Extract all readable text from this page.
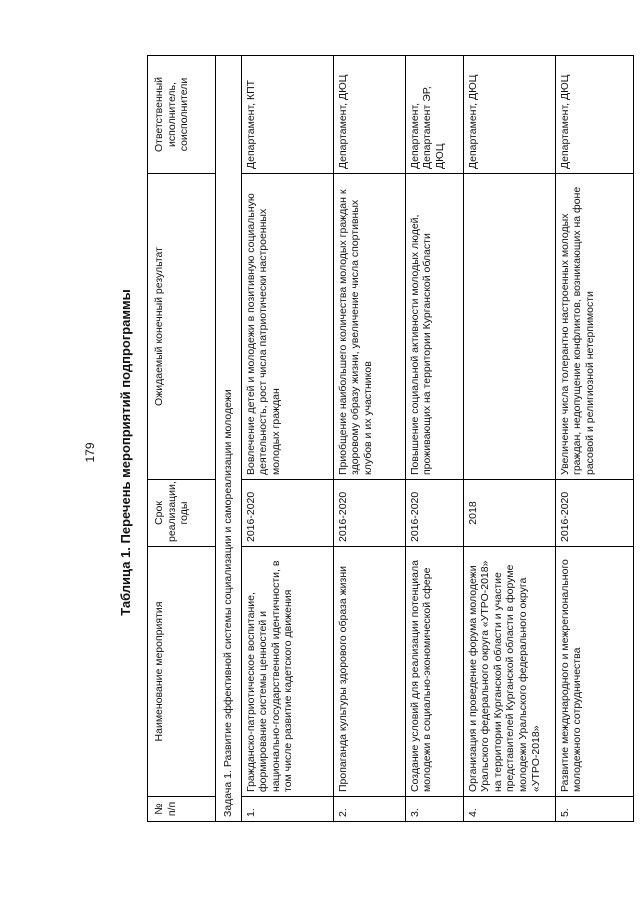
179 Таблица 1. Перечень мероприятий подпрограммы
№ п/п	Наименование мероприятия	Срок реализации, годы	Ожидаемый конечный результат	Ответственный исполнитель, соисполнители
Задача 1. Развитие эффективной системы социализации и самореализации молодежи				
1.	Гражданско-патриотическое воспитание, формирование системы ценностей и национально-государственной идентичности, в том числе развитие кадетского движения	2016-2020	Вовлечение детей и молодежи в позитивную социальную деятельность, рост числа патриотически настроенных молодых граждан	Департамент, КПТ
2.	Пропаганда культуры здорового образа жизни	2016-2020	Приобщение наибольшего количества молодых граждан к здоровому образу жизни, увеличение числа спортивных клубов и их участников	Департамент, ДЮЦ
3.	Создание условий для реализации потенциала молодежи в социально-экономической сфере	2016-2020	Повышение социальной активности молодых людей, проживающих на территории Курганской области	Департамент, Департамент ЭР, ДЮЦ
4.	Организация и проведение форума молодежи Уральского федерального округа «УТРО-2018» на территории Курганской области и участие представителей Курганской области в форуме молодежи Уральского федерального округа «УТРО-2018»	2018		Департамент, ДЮЦ
5.	Развитие международного и межрегионального молодежного сотрудничества	2016-2020	Увеличение числа толерантно настроенных молодых граждан, недопущение конфликтов, возникающих на фоне расовой и религиозной нетерпимости	Департамент, ДЮЦ
